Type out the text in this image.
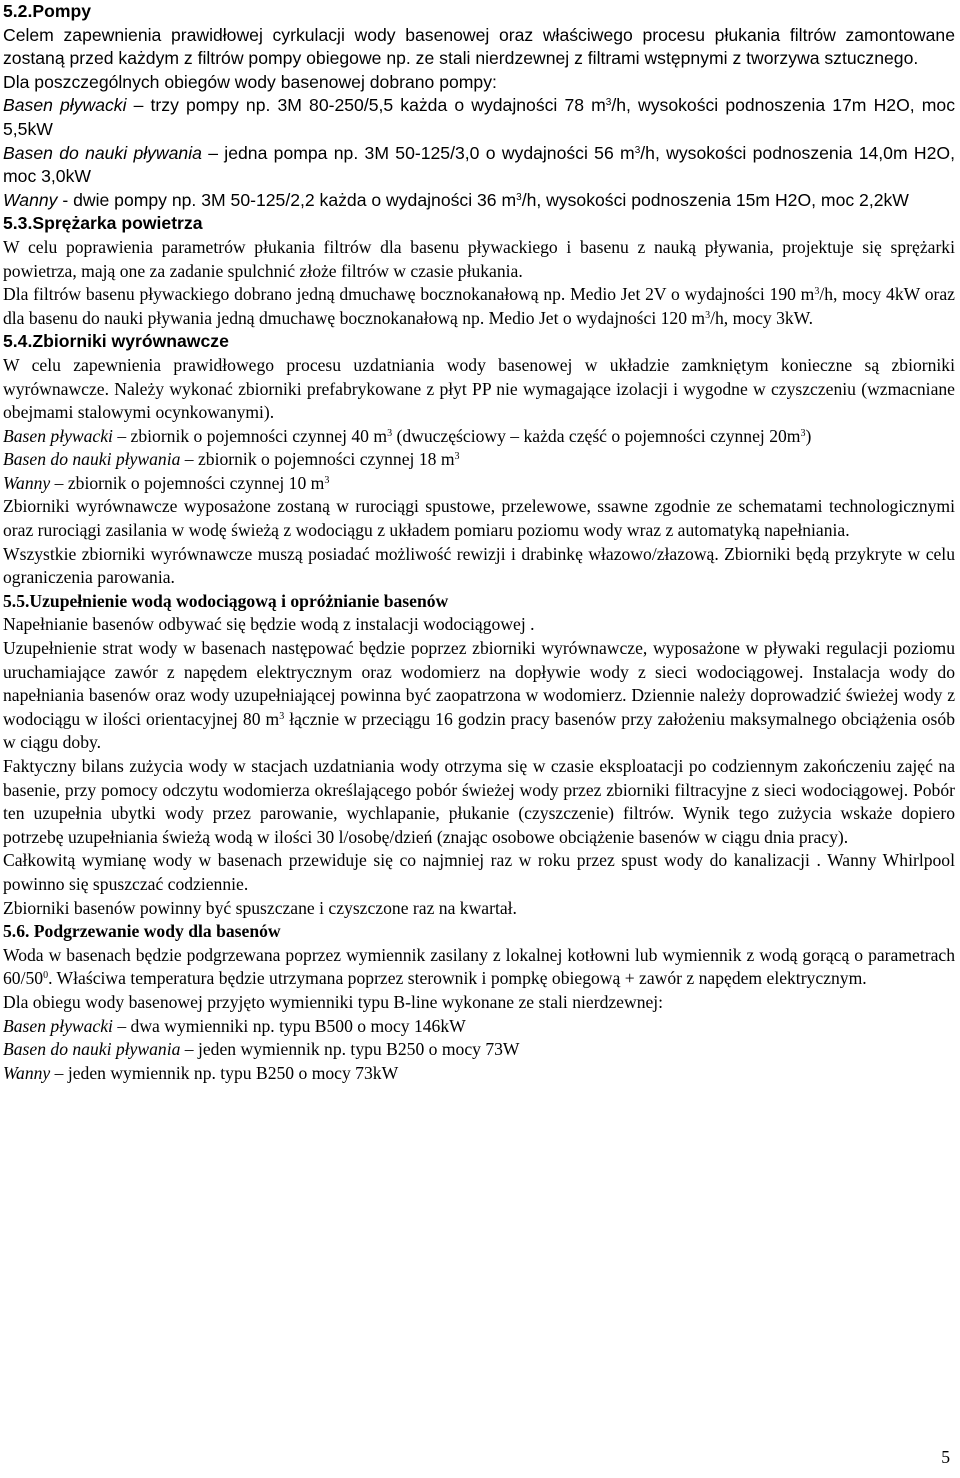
5.2.Pompy
Celem zapewnienia prawidłowej cyrkulacji wody basenowej oraz właściwego procesu płukania filtrów zamontowane zostaną przed każdym z filtrów pompy obiegowe np. ze stali nierdzewnej z filtrami wstępnymi z tworzywa sztucznego.
Dla poszczególnych obiegów wody basenowej dobrano pompy:
Basen pływacki – trzy pompy np. 3M 80-250/5,5 każda o wydajności 78 $m^3/h$, wysokości podnoszenia 17m H2O, moc 5,5kW
Basen do nauki pływania – jedna pompa np. 3M 50-125/3,0 o wydajności 56 $m^3/h$, wysokości podnoszenia 14,0m H2O, moc 3,0kW
Wanny - dwie pompy np. 3M 50-125/2,2 każda o wydajności 36 $m^3/h$, wysokości podnoszenia 15m H2O, moc 2,2kW
5.3.Sprężarka powietrza
W celu poprawienia parametrów płukania filtrów dla basenu pływackiego i basenu z nauką pływania, projektuje się sprężarki powietrza, mają one za zadanie spulchnić złoże filtrów w czasie płukania.
Dla filtrów basenu pływackiego dobrano jedną dmuchawę bocznokanałową np. Medio Jet 2V o wydajności 190 $m^3/h$, mocy 4kW oraz dla basenu do nauki pływania jedną dmuchawę bocznokanałową np. Medio Jet o wydajności 120 $m^3/h$, mocy 3kW.
5.4.Zbiorniki wyrównawcze
W celu zapewnienia prawidłowego procesu uzdatniania wody basenowej w układzie zamkniętym konieczne są zbiorniki wyrównawcze. Należy wykonać zbiorniki prefabrykowane z płyt PP nie wymagające izolacji i wygodne w czyszczeniu (wzmacniane obejmami stalowymi ocynkowanymi).
Basen pływacki – zbiornik o pojemności czynnej 40 $m^3$ (dwuczęściowy – każda część o pojemności czynnej $20m^3$)
Basen do nauki pływania – zbiornik o pojemności czynnej 18 $m^3$
Wanny – zbiornik o pojemności czynnej 10 $m^3$
Zbiorniki wyrównawcze wyposażone zostaną w rurociągi spustowe, przelewowe, ssawne zgodnie ze schematami technologicznymi oraz rurociągi zasilania w wodę świeżą z wodociągu z układem pomiaru poziomu wody wraz z automatyką napełniania.
Wszystkie zbiorniki wyrównawcze muszą posiadać możliwość rewizji i drabinkę włazowo/złazową. Zbiorniki będą przykryte w celu ograniczenia parowania.
5.5.Uzupełnienie wodą wodociągową i opróżnianie basenów
Napełnianie basenów odbywać się będzie wodą z instalacji wodociągowej .
Uzupełnienie strat wody w basenach następować będzie poprzez zbiorniki wyrównawcze, wyposażone w pływaki regulacji poziomu uruchamiające zawór z napędem elektrycznym oraz wodomierz na dopływie wody z sieci wodociągowej. Instalacja wody do napełniania basenów oraz wody uzupełniającej powinna być zaopatrzona w wodomierz. Dziennie należy doprowadzić świeżej wody z wodociągu w ilości orientacyjnej 80 $m^3$ łącznie w przeciągu 16 godzin pracy basenów przy założeniu maksymalnego obciążenia osób w ciągu doby.
Faktyczny bilans zużycia wody w stacjach uzdatniania wody otrzyma się w czasie eksploatacji po codziennym zakończeniu zajęć na basenie, przy pomocy odczytu wodomierza określającego pobór świeżej wody przez zbiorniki filtracyjne z sieci wodociągowej. Pobór ten uzupełnia ubytki wody przez parowanie, wychlapanie, płukanie (czyszczenie) filtrów. Wynik tego zużycia wskaże dopiero potrzebę uzupełniania świeżą wodą w ilości 30 l/osobę/dzień (znając osobowe obciążenie basenów w ciągu dnia pracy).
Całkowitą wymianę wody w basenach przewiduje się co najmniej raz w roku przez spust wody do kanalizacji . Wanny Whirlpool powinno się spuszczać codziennie.
Zbiorniki basenów powinny być spuszczane i czyszczone raz na kwartał.
5.6. Podgrzewanie wody dla basenów
Woda w basenach będzie podgrzewana poprzez wymiennik zasilany z lokalnej kotłowni lub wymiennik z wodą gorącą o parametrach $60/50^0$. Właściwa temperatura będzie utrzymana poprzez sterownik i pompkę obiegową + zawór z napędem elektrycznym.
Dla obiegu wody basenowej przyjęto wymienniki typu B-line wykonane ze stali nierdzewnej:
Basen pływacki – dwa wymienniki np. typu B500 o mocy 146kW
Basen do nauki pływania – jeden wymiennik np. typu B250 o mocy 73W
Wanny – jeden wymiennik np. typu B250 o mocy 73kW
5
